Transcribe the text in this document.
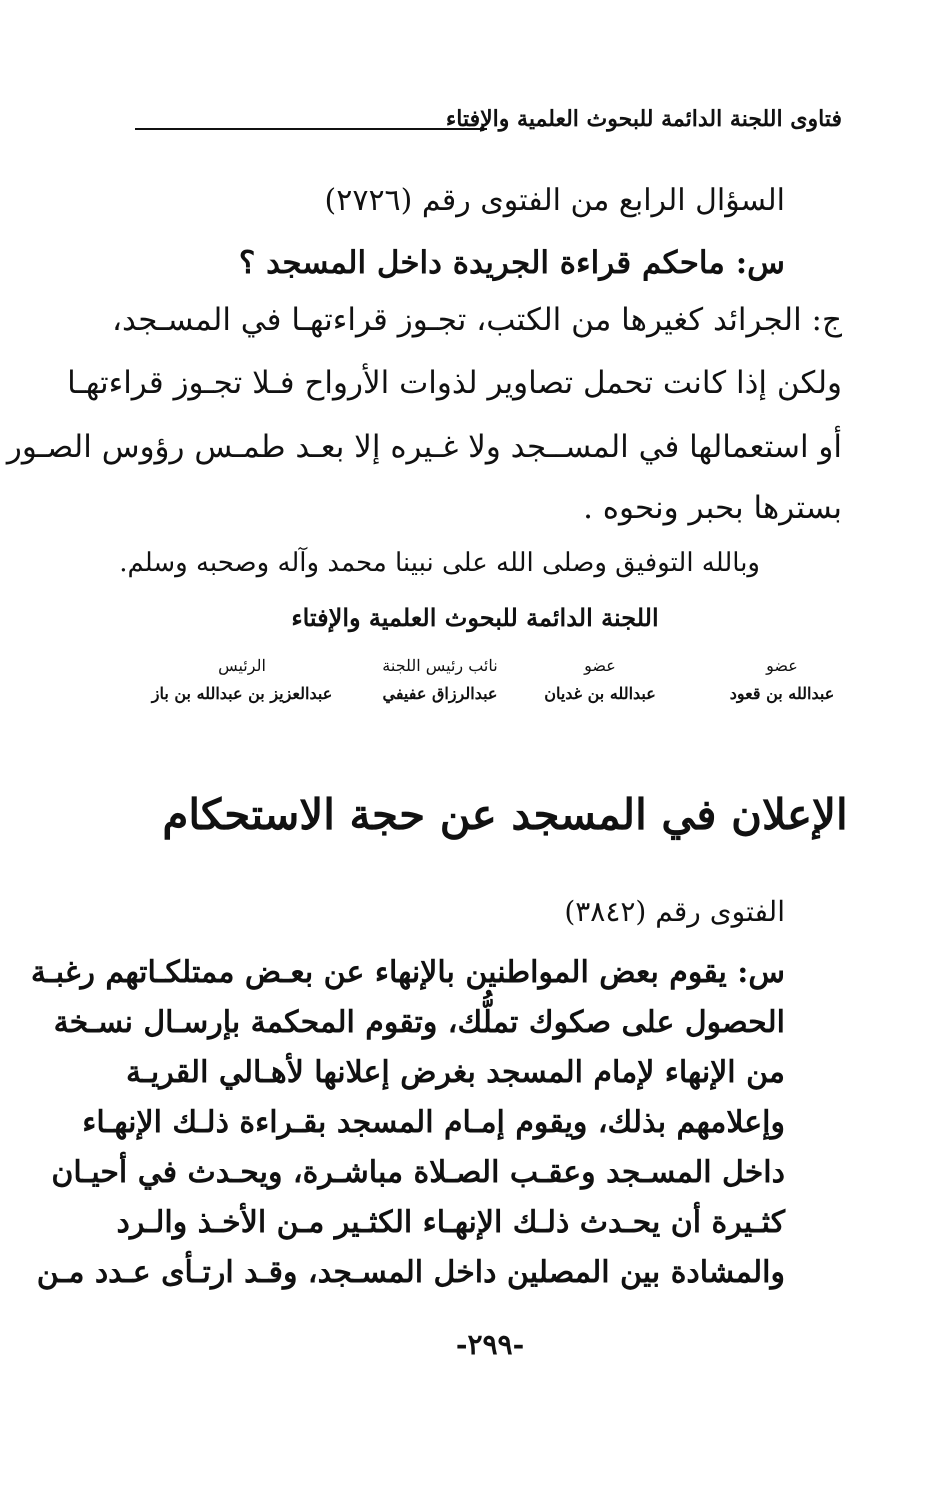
فتاوى اللجنة الدائمة للبحوث العلمية والإفتاء
السؤال الرابع من الفتوى رقم (٢٧٢٦)
س: ماحكم قراءة الجريدة داخل المسجد ؟
ج: الجرائد كغيرها من الكتب، تجـوز قراءتهـا في المسـجد،
ولكن إذا كانت تحمل تصاوير لذوات الأرواح فـلا تجـوز قراءتهـا
أو استعمالها في المســجد ولا غـيره إلا بعـد طمـس رؤوس الصـور
بسترها بحبر ونحوه .
وبالله التوفيق وصلى الله على نبينا محمد وآله وصحبه وسلم.
اللجنة الدائمة للبحوث العلمية والإفتاء
عضو
عبدالله بن قعود
عضو
عبدالله بن غديان
نائب رئيس اللجنة
عبدالرزاق عفيفي
الرئيس
عبدالعزيز بن عبدالله بن باز
الإعلان في المسجد عن حجة الاستحكام
الفتوى رقم (٣٨٤٢)
س: يقوم بعض المواطنين بالإنهاء عن بعـض ممتلكـاتهم رغبـة
الحصول على صكوك تملُّك، وتقوم المحكمة بإرسـال نسـخة
من الإنهاء لإمام المسجد بغرض إعلانها لأهـالي القريـة
وإعلامهم بذلك، ويقوم إمـام المسجد بقـراءة ذلـك الإنهـاء
داخل المسـجد وعقـب الصـلاة مباشـرة، ويحـدث في أحيـان
كثـيرة أن يحـدث ذلـك الإنهـاء الكثـير مـن الأخـذ والـرد
والمشادة بين المصلين داخل المسـجد، وقـد ارتـأى عـدد مـن
-٢٩٩-
